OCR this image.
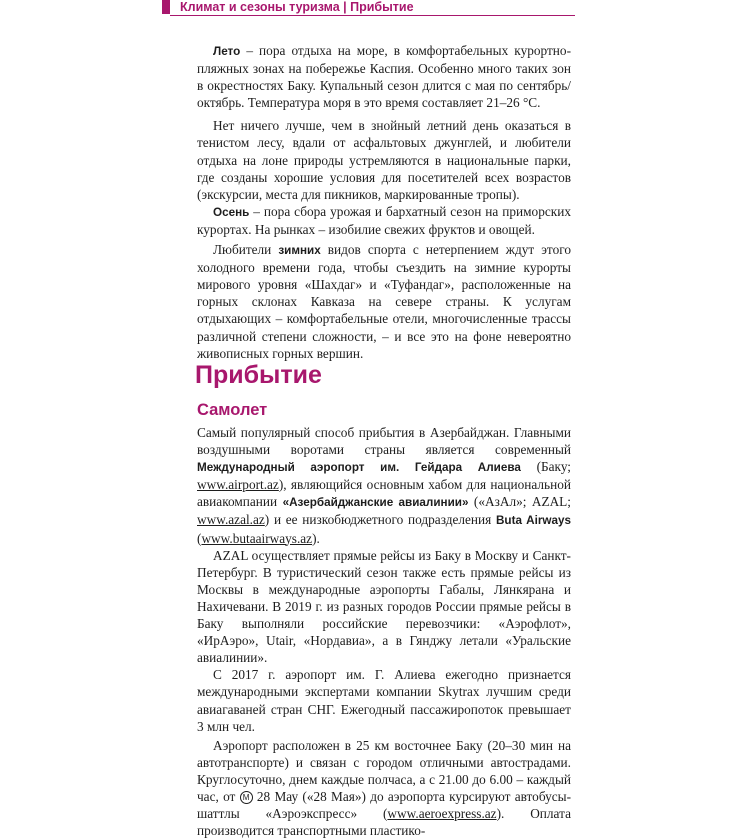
Климат и сезоны туризма | Прибытие

Лето – пора отдыха на море, в комфортабельных курортно-пляжных зонах на побережье Каспия. Особенно много таких зон в окрестностях Баку. Купальный сезон длится с мая по сентябрь/октябрь. Температура моря в это время составляет 21–26 °C.

Нет ничего лучше, чем в знойный летний день оказаться в тенистом лесу, вдали от асфальтовых джунглей, и любители отдыха на лоне природы устремляются в национальные парки, где созданы хорошие условия для посетителей всех возрастов (экскурсии, места для пикников, маркированные тропы).

Осень – пора сбора урожая и бархатный сезон на приморских курортах. На рынках – изобилие свежих фруктов и овощей.

Любители зимних видов спорта с нетерпением ждут этого холодного времени года, чтобы съездить на зимние курорты мирового уровня «Шахдаг» и «Туфандаг», расположенные на горных склонах Кавказа на севере страны. К услугам отдыхающих – комфортабельные отели, многочисленные трассы различной степени сложности, – и все это на фоне невероятно живописных горных вершин.

Прибытие
Самолет

Самый популярный способ прибытия в Азербайджан. Главными воздушными воротами страны является современный Международный аэропорт им. Гейдара Алиева (Баку; www.airport.az), являющийся основным хабом для национальной авиакомпании «Азербайджанские авиалинии» («АзАл»; AZAL; www.azal.az) и ее низкобюджетного подразделения Buta Airways (www.butaairways.az).

AZAL осуществляет прямые рейсы из Баку в Москву и Санкт-Петербург. В туристический сезон также есть прямые рейсы из Москвы в международные аэропорты Габалы, Лянкярана и Нахичевани. В 2019 г. из разных городов России прямые рейсы в Баку выполняли российские перевозчики: «Аэрофлот», «ИрАэро», Utair, «Нордавиа», а в Гянджу летали «Уральские авиалинии».

С 2017 г. аэропорт им. Г. Алиева ежегодно признается международными экспертами компании Skytrax лучшим среди авиагаваней стран СНГ. Ежегодный пассажиропоток превышает 3 млн чел.

Аэропорт расположен в 25 км восточнее Баку (20–30 мин на автотранспорте) и связан с городом отличными автострадами. Круглосуточно, днем каждые полчаса, а с 21.00 до 6.00 – каждый час, от М 28 Мау («28 Мая») до аэропорта курсируют автобусы-шаттлы «Аэроэкспресс» (www.aeroexpress.az). Оплата производится транспортными пластико-
